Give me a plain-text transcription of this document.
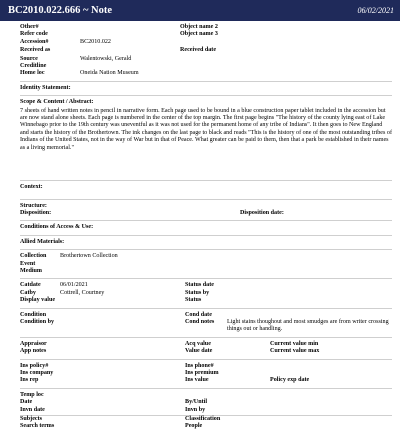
BC2010.022.666 ~ Note	06/02/2021
Other#	Object name 2
Refer code	Object name 3
Accession#	BC2010.022
Received as	Received date
Source	Walentowski, Gerald
Creditline
Home loc	Oneida Nation Museum
Identity Statement:
Scope & Content / Abstract:
7 sheets of hand written notes in pencil in narrative form. Each page used to be bound in a blue construction paper tablet included in the accession but are now stand alone sheets. Each page is numbered in the center of the top margin. The first page begins "The history of the county lying east of Lake Winnebago prior to the 19th century was uneventful as it was not used for the permanent home of any tribe of Indians". It then goes to New England and starts the history of the Brothertown. The ink changes on the last page to black and reads "This is the history of one of the most outstanding tribes of Indians of the United States, not in the way of War but in that of Peace. What greater can be paid to them, then that a park be established in their names as a living memorial."
Context:
Structure:
Disposition:	Disposition date:
Conditions of Access & Use:
Allied Materials:
Collection	Brothertown Collection
Event
Medium
Catdate	06/01/2021	Status date
Catby	Cottrell, Courtney	Status by
Display value	Status
Condition	Cond date
Condition by	Cond notes	Light stains thoughout and most smudges are from writer crossing things out or handling.
Appraisor	Acq value	Current value min
App notes	Value date	Current value max
Ins policy#	Ins phone#
Ins company	Ins premium
Ins rep	Ins value	Policy exp date
Temp loc
Date	By/Until
Invn date	Invn by
Subjects	Classification
Search terms	People
